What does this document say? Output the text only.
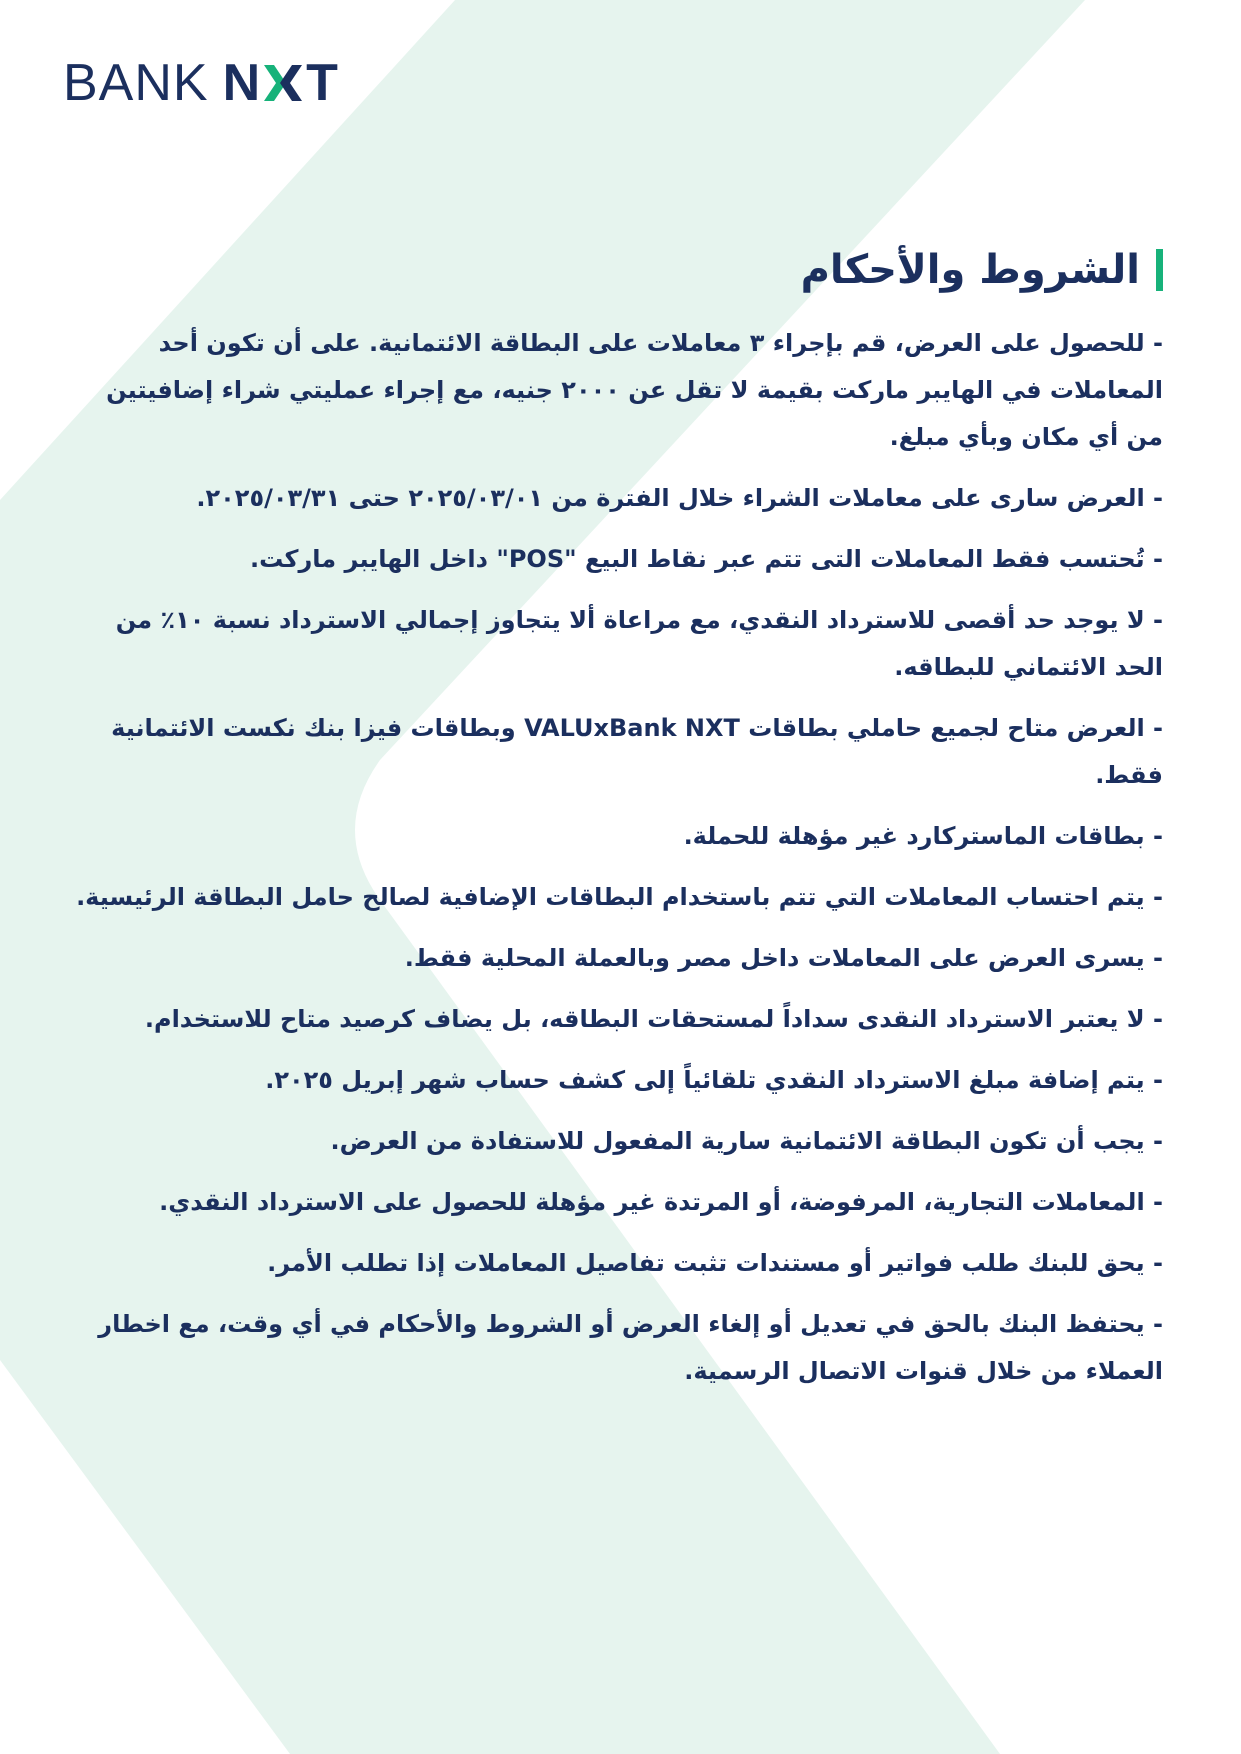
BANK N T
الشروط والأحكام
- للحصول على العرض، قم بإجراء ٣ معاملات على البطاقة الائتمانية. على أن تكون أحد المعاملات في الهايبر ماركت بقيمة لا تقل عن ٢٠٠٠ جنيه، مع إجراء عمليتي شراء إضافيتين من أي مكان وبأي مبلغ.
- العرض سارى على معاملات الشراء خلال الفترة من ٢٠٢٥/٠٣/٠١ حتى ٢٠٢٥/٠٣/٣١.
- تُحتسب فقط المعاملات التى تتم عبر نقاط البيع "POS" داخل الهايبر ماركت.
- لا يوجد حد أقصى للاسترداد النقدي، مع مراعاة ألا يتجاوز إجمالي الاسترداد نسبة ١٠٪ من الحد الائتماني للبطاقه.
- العرض متاح لجميع حاملي بطاقات VALUxBank NXT وبطاقات فيزا بنك نكست الائتمانية فقط.
- بطاقات الماستركارد غير مؤهلة للحملة.
- يتم احتساب المعاملات التي تتم باستخدام البطاقات الإضافية لصالح حامل البطاقة الرئيسية.
- يسرى العرض على المعاملات داخل مصر وبالعملة المحلية فقط.
- لا يعتبر الاسترداد النقدى سداداً لمستحقات البطاقه، بل يضاف كرصيد متاح للاستخدام.
- يتم إضافة مبلغ الاسترداد النقدي تلقائياً إلى كشف حساب شهر إبريل ٢٠٢٥.
- يجب أن تكون البطاقة الائتمانية سارية المفعول للاستفادة من العرض.
- المعاملات التجارية، المرفوضة، أو المرتدة غير مؤهلة للحصول على الاسترداد النقدي.
- يحق للبنك طلب فواتير أو مستندات تثبت تفاصيل المعاملات إذا تطلب الأمر.
- يحتفظ البنك بالحق في تعديل أو إلغاء العرض أو الشروط والأحكام في أي وقت، مع اخطار العملاء من خلال قنوات الاتصال الرسمية.
